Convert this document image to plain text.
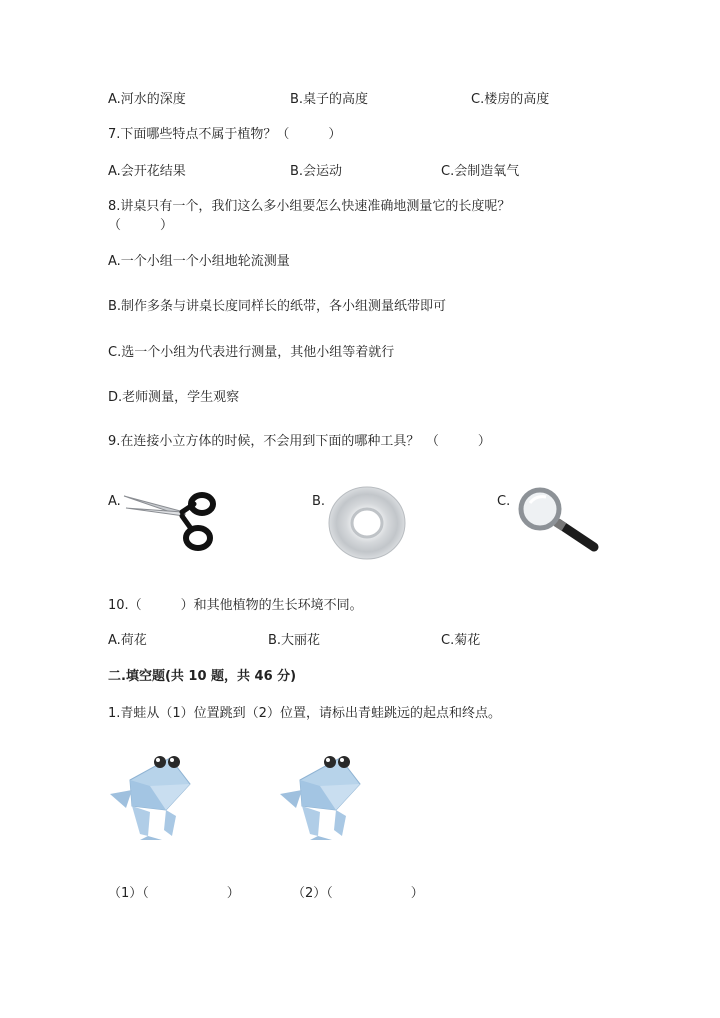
A.河水的深度	B.桌子的高度	C.楼房的高度
7.下面哪些特点不属于植物？（　　　）
A.会开花结果	B.会运动	C.会制造氧气
8.讲桌只有一个，我们这么多小组要怎么快速准确地测量它的长度呢？
（　　　）
A.一个小组一个小组地轮流测量
B.制作多条与讲桌长度同样长的纸带，各小组测量纸带即可
C.选一个小组为代表进行测量，其他小组等着就行
D.老师测量，学生观察
9.在连接小立方体的时候，不会用到下面的哪种工具？　（　　　）
A.	B.	C.
10.（　　　）和其他植物的生长环境不同。
A.荷花	B.大丽花	C.菊花
二.填空题(共 10 题，共 46 分)
1.青蛙从（1）位置跳到（2）位置，请标出青蛙跳远的起点和终点。
（1）（　　　　　　）	（2）（　　　　　　）
